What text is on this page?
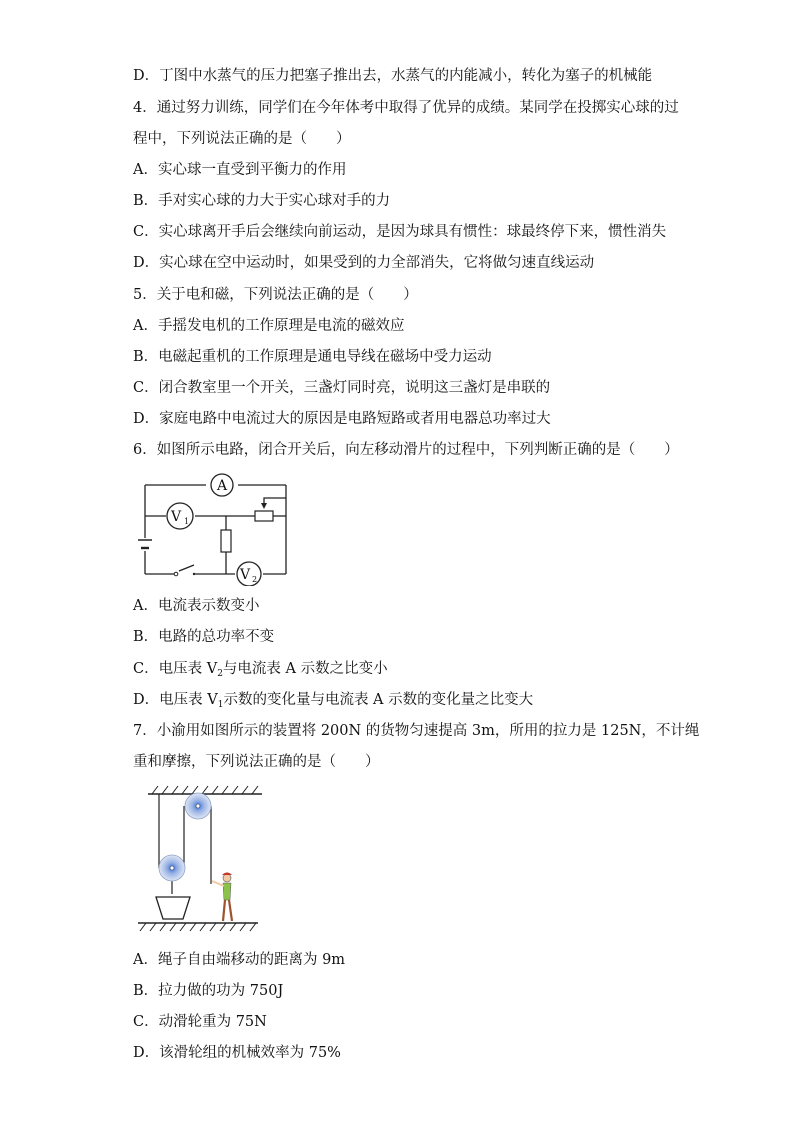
D．丁图中水蒸气的压力把塞子推出去，水蒸气的内能减小，转化为塞子的机械能
4．通过努力训练，同学们在今年体考中取得了优异的成绩。某同学在投掷实心球的过
程中，下列说法正确的是（　　）
A．实心球一直受到平衡力的作用
B．手对实心球的力大于实心球对手的力
C．实心球离开手后会继续向前运动，是因为球具有惯性：球最终停下来，惯性消失
D．实心球在空中运动时，如果受到的力全部消失，它将做匀速直线运动
5．关于电和磁，下列说法正确的是（　　）
A．手摇发电机的工作原理是电流的磁效应
B．电磁起重机的工作原理是通电导线在磁场中受力运动
C．闭合教室里一个开关，三盏灯同时亮，说明这三盏灯是串联的
D．家庭电路中电流过大的原因是电路短路或者用电器总功率过大
6．如图所示电路，闭合开关后，向左移动滑片的过程中，下列判断正确的是（　　）
A
V 1
V 2
A．电流表示数变小
B．电路的总功率不变
C．电压表 $V_2$与电流表 A 示数之比变小
D．电压表 $V_1$示数的变化量与电流表 A 示数的变化量之比变大
7．小渝用如图所示的装置将 200N 的货物匀速提高 3m，所用的拉力是 125N，不计绳
重和摩擦，下列说法正确的是（　　）
A．绳子自由端移动的距离为 9m
B．拉力做的功为 750J
C．动滑轮重为 75N
D．该滑轮组的机械效率为 75%
